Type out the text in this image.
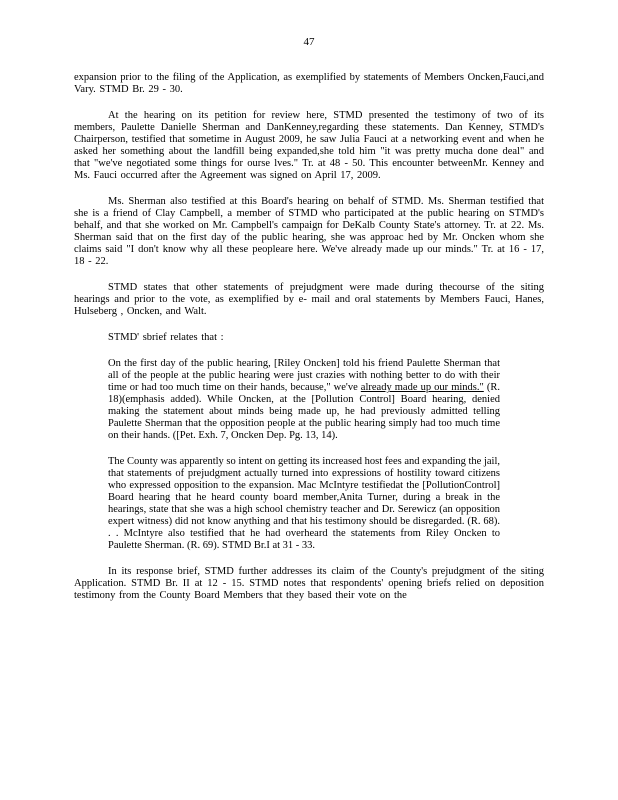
47

expansion prior to the filing of the Application, as exemplified by statements of Members Oncken,Fauci,and Vary. STMD Br. 29 - 30.

At the hearing on its petition for review here, STMD presented the testimony of two of its members, Paulette Danielle Sherman and DanKenney,regarding these statements. Dan Kenney, STMD's Chairperson, testified that sometime in August 2009, he saw Julia Fauci at a networking event and when he asked her something about the landfill being expanded,she told him "it was pretty mucha done deal" and that "we've negotiated some things for ourse lves." Tr. at 48 - 50. This encounter betweenMr. Kenney and Ms. Fauci occurred after the Agreement was signed on April 17, 2009.

Ms. Sherman also testified at this Board's hearing on behalf of STMD. Ms. Sherman testified that she is a friend of Clay Campbell, a member of STMD who participated at the public hearing on STMD's behalf, and that she worked on Mr. Campbell's campaign for DeKalb County State's attorney. Tr. at 22. Ms. Sherman said that on the first day of the public hearing, she was approac hed by Mr. Oncken whom she claims said "I don't know why all these peopleare here. We've already made up our minds." Tr. at 16 - 17, 18 - 22.

STMD states that other statements of prejudgment were made during thecourse of the siting hearings and prior to the vote, as exemplified by e- mail and oral statements by Members Fauci, Hanes, Hulseberg , Oncken, and Walt.

STMD' sbrief relates that :

On the first day of the public hearing, [Riley Oncken] told his friend Paulette Sherman that all of the people at the public hearing were just crazies with nothing better to do with their time or had too much time on their hands, because," we've already made up our minds." (R. 18)(emphasis added). While Oncken, at the [Pollution Control] Board hearing, denied making the statement about minds being made up, he had previously admitted telling Paulette Sherman that the opposition people at the public hearing simply had too much time on their hands. ([Pet. Exh. 7, Oncken Dep. Pg. 13, 14).
The County was apparently so intent on getting its increased host fees and expanding the jail, that statements of prejudgment actually turned into expressions of hostility toward citizens who expressed opposition to the expansion. Mac McIntyre testifiedat the [PollutionControl] Board hearing that he heard county board member,Anita Turner, during a break in the hearings, state that she was a high school chemistry teacher and Dr. Serewicz (an opposition expert witness) did not know anything and that his testimony should be disregarded. (R. 68). . . McIntyre also testified that he had overheard the statements from Riley Oncken to Paulette Sherman. (R. 69). STMD Br.I at 31 - 33.

In its response brief, STMD further addresses its claim of the County's prejudgment of the siting Application. STMD Br. II at 12 - 15. STMD notes that respondents' opening briefs relied on deposition testimony from the County Board Members that they based their vote on the
